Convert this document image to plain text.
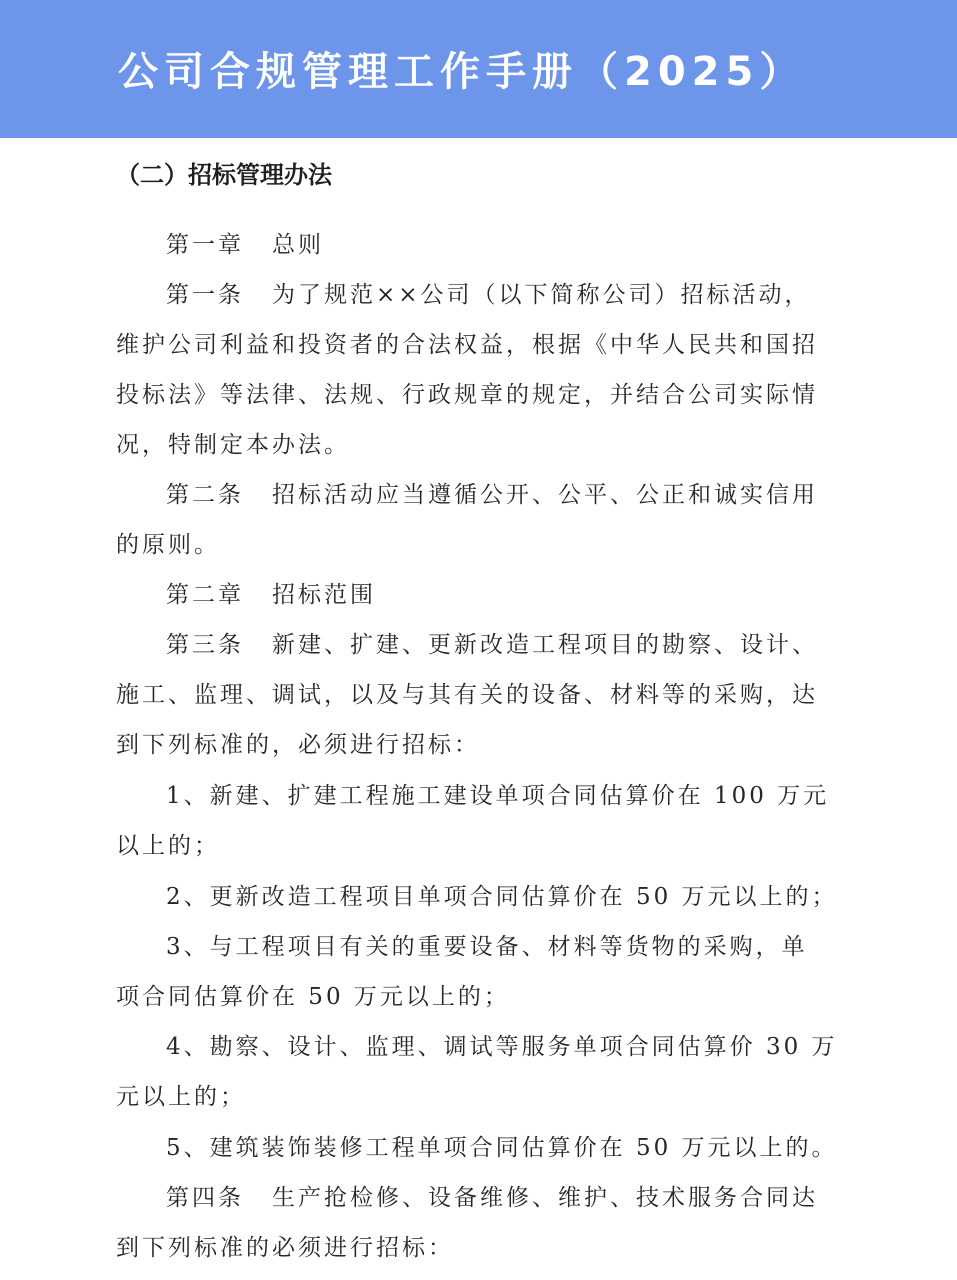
公司合规管理工作手册（2025）
（二）招标管理办法
第一章 总则
第一条 为了规范××公司（以下简称公司）招标活动，
维护公司利益和投资者的合法权益，根据《中华人民共和国招
投标法》等法律、法规、行政规章的规定，并结合公司实际情
况，特制定本办法。
第二条 招标活动应当遵循公开、公平、公正和诚实信用
的原则。
第二章 招标范围
第三条 新建、扩建、更新改造工程项目的勘察、设计、
施工、监理、调试，以及与其有关的设备、材料等的采购，达
到下列标准的，必须进行招标：
1、新建、扩建工程施工建设单项合同估算价在 100 万元
以上的；
2、更新改造工程项目单项合同估算价在 50 万元以上的；
3、与工程项目有关的重要设备、材料等货物的采购，单
项合同估算价在 50 万元以上的；
4、勘察、设计、监理、调试等服务单项合同估算价 30 万
元以上的；
5、建筑装饰装修工程单项合同估算价在 50 万元以上的。
第四条 生产抢检修、设备维修、维护、技术服务合同达
到下列标准的必须进行招标：
